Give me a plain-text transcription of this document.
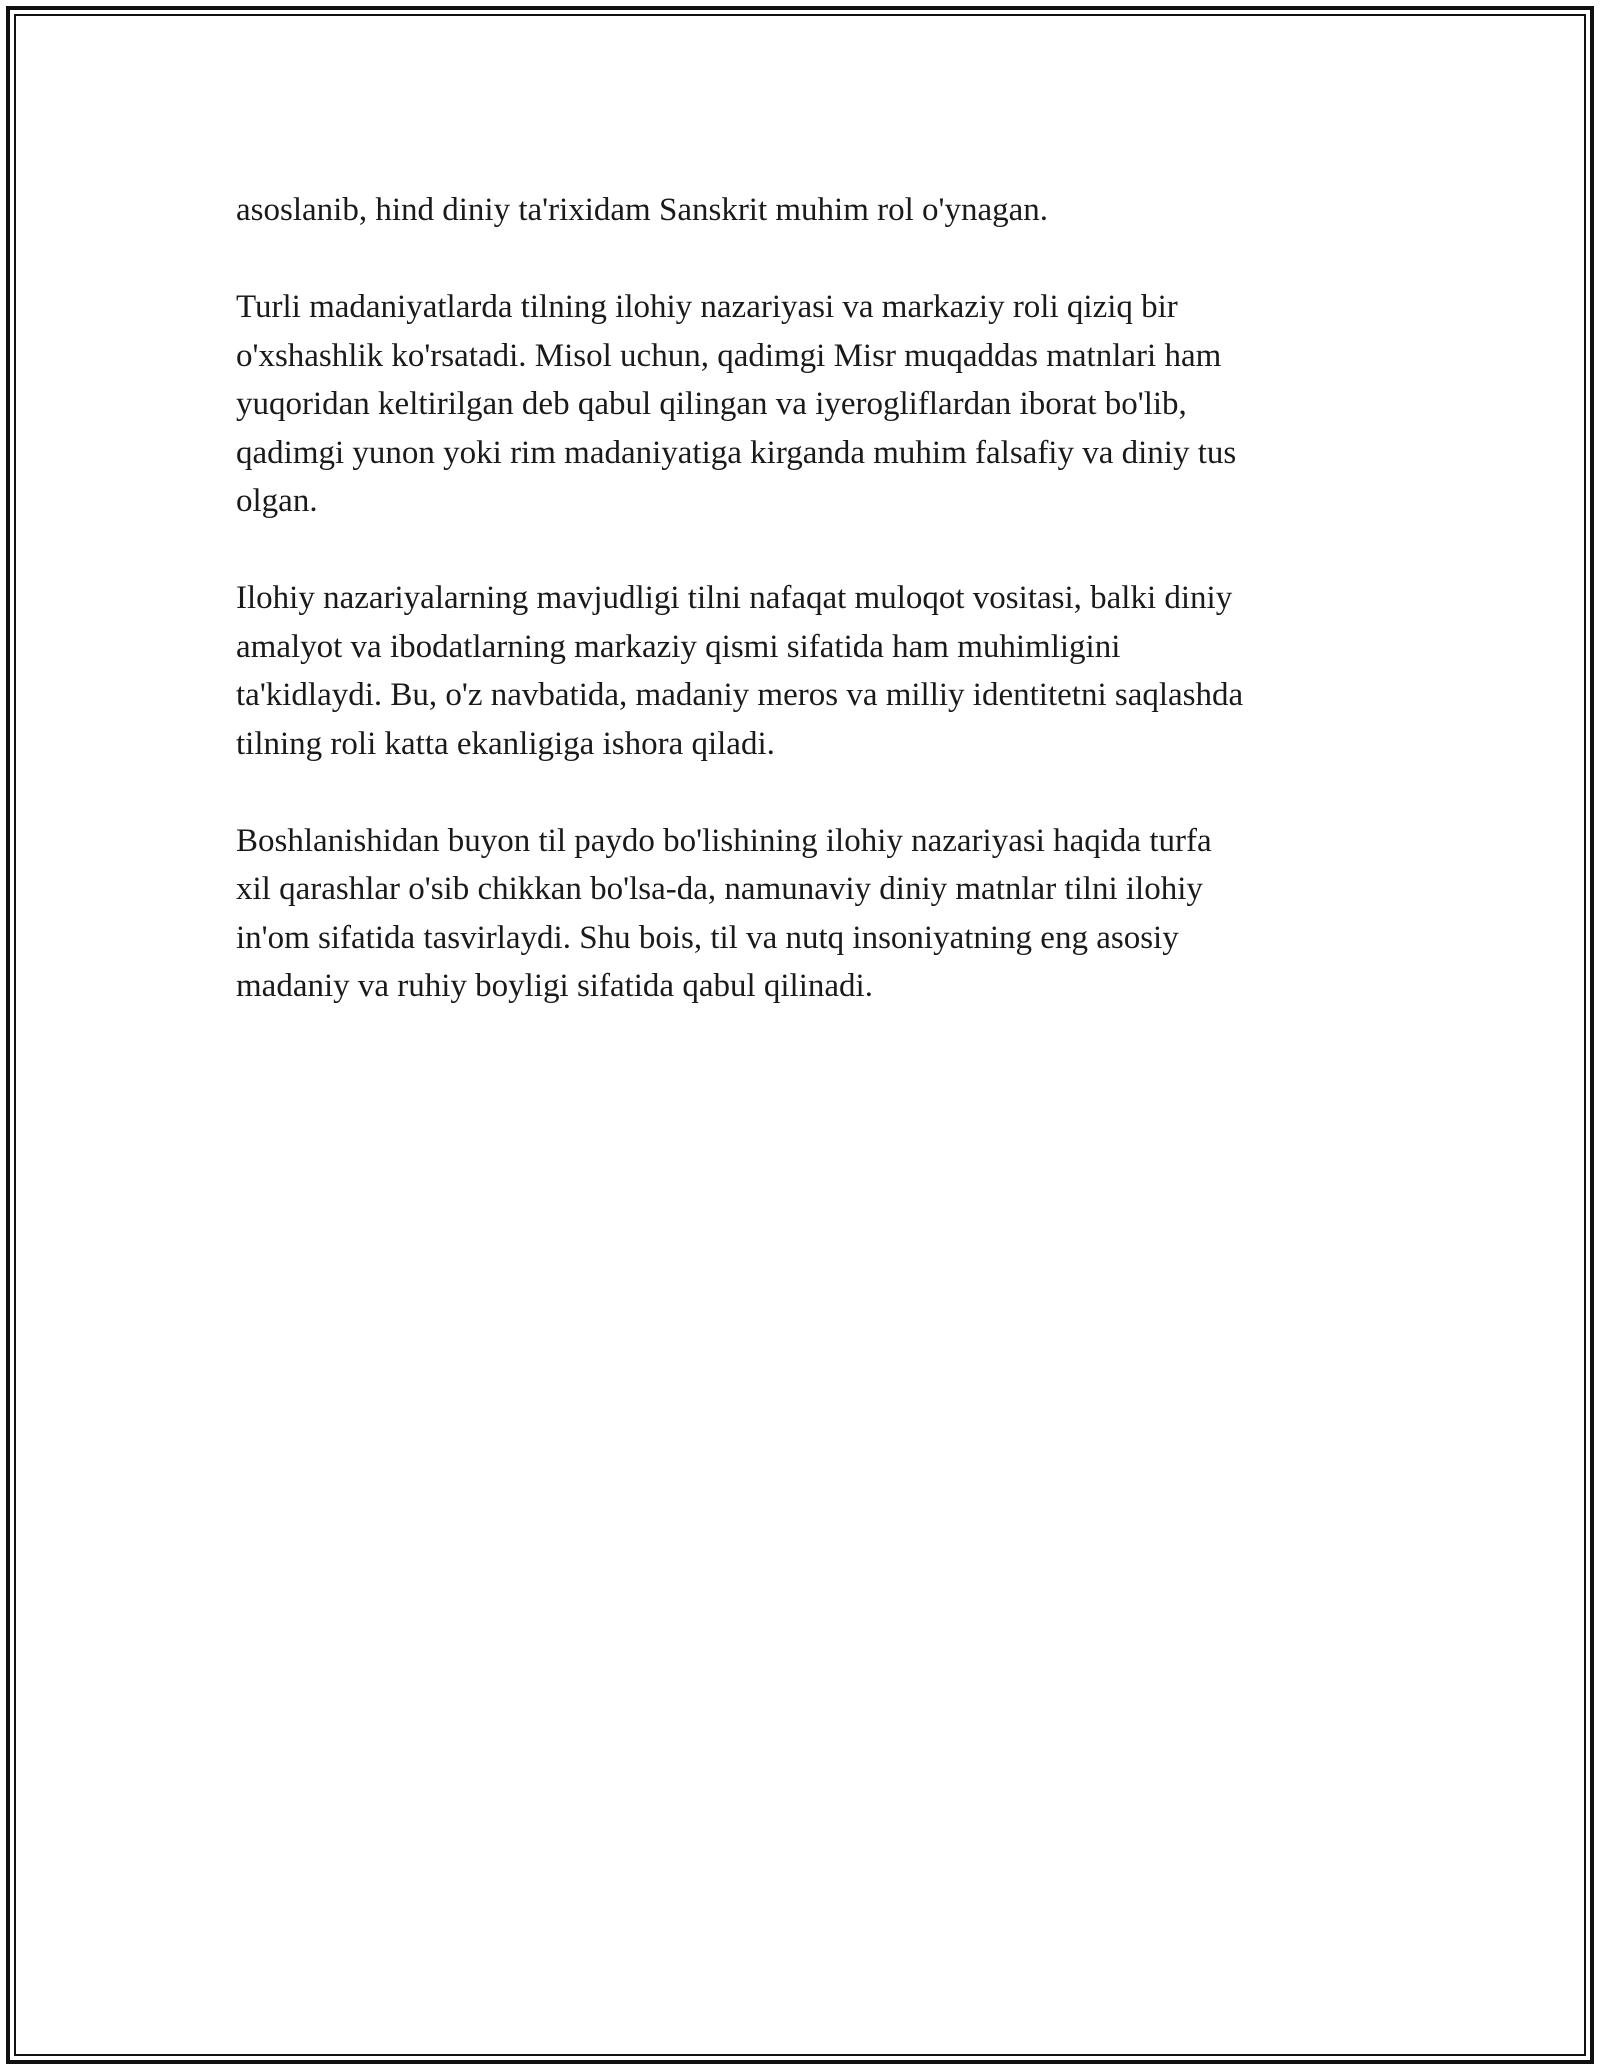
asoslanib, hind diniy ta'rixidam Sanskrit muhim rol o'ynagan.

Turli madaniyatlarda tilning ilohiy nazariyasi va markaziy roli qiziq bir
o'xshashlik ko'rsatadi. Misol uchun, qadimgi Misr muqaddas matnlari ham
yuqoridan keltirilgan deb qabul qilingan va iyerogliflardan iborat bo'lib,
qadimgi yunon yoki rim madaniyatiga kirganda muhim falsafiy va diniy tus
olgan.

Ilohiy nazariyalarning mavjudligi tilni nafaqat muloqot vositasi, balki diniy
amalyot va ibodatlarning markaziy qismi sifatida ham muhimligini
ta'kidlaydi. Bu, o'z navbatida, madaniy meros va milliy identitetni saqlashda
tilning roli katta ekanligiga ishora qiladi.

Boshlanishidan buyon til paydo bo'lishining ilohiy nazariyasi haqida turfa
xil qarashlar o'sib chikkan bo'lsa-da, namunaviy diniy matnlar tilni ilohiy
in'om sifatida tasvirlaydi. Shu bois, til va nutq insoniyatning eng asosiy
madaniy va ruhiy boyligi sifatida qabul qilinadi.
